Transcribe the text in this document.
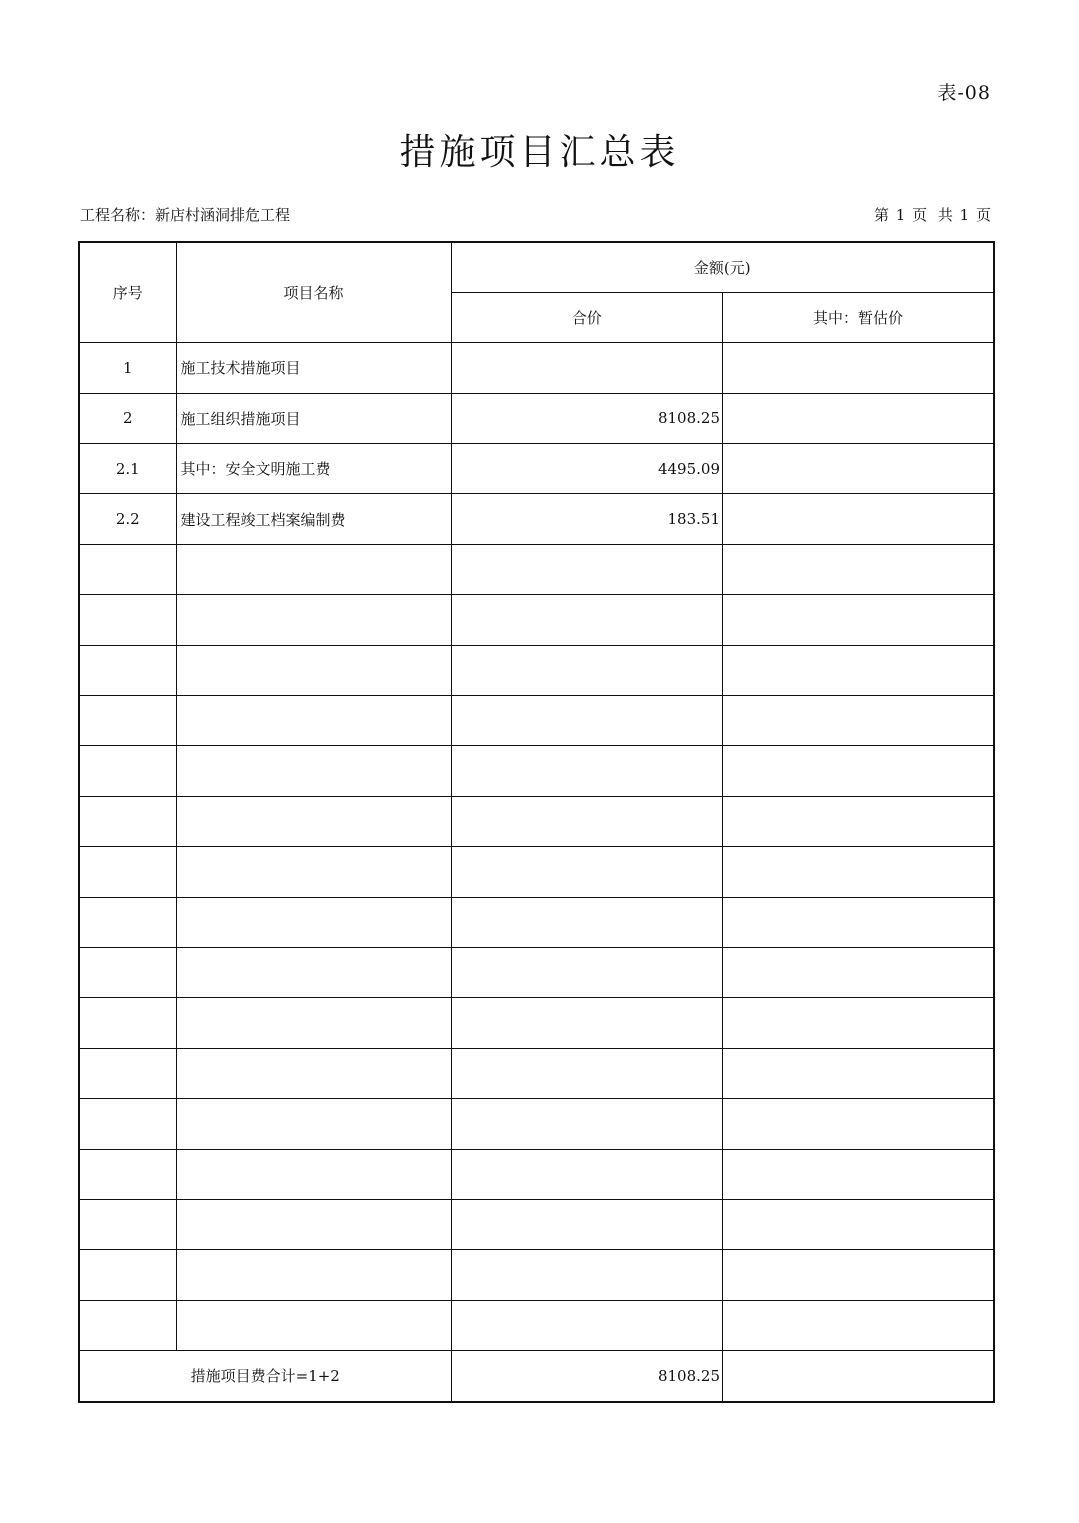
表-08
措施项目汇总表
工程名称：新店村涵洞排危工程	第 1 页 共 1 页
序号	项目名称	金额(元)	
		合价	其中：暂估价
1	施工技术措施项目		
2	施工组织措施项目	8108.25	
2.1	其中：安全文明施工费	4495.09	
2.2	建设工程竣工档案编制费	183.51	

措施项目费合计=1+2		8108.25	
